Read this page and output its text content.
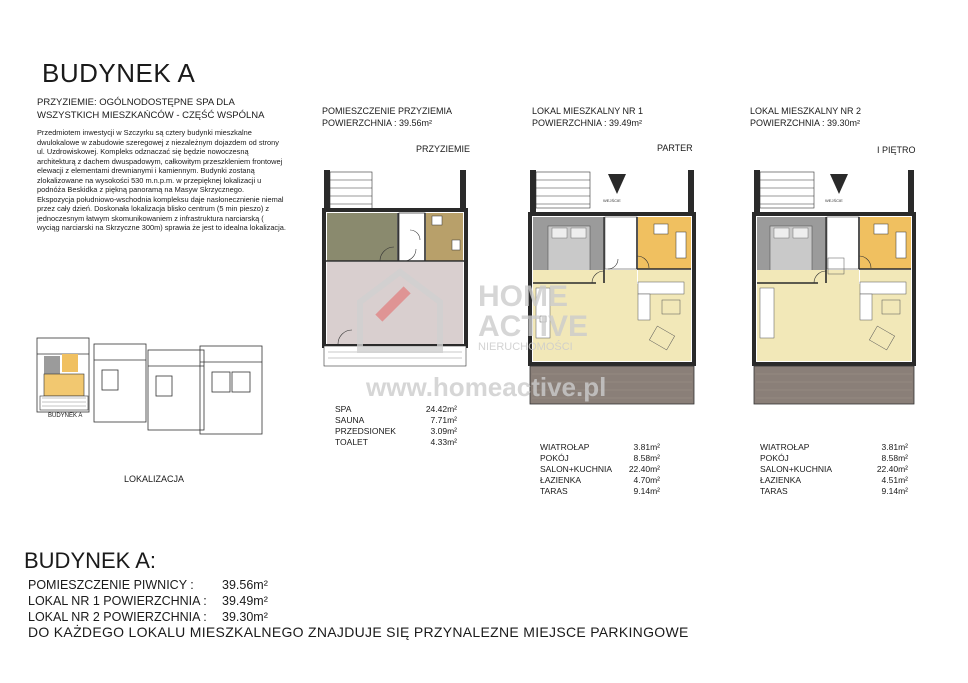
BUDYNEK A
PRZYZIEMIE: OGÓLNODOSTĘPNE SPA DLA
WSZYSTKICH MIESZKAŃCÓW - CZĘŚĆ WSPÓLNA

Przedmiotem inwestycji w Szczyrku są cztery budynki mieszkalne dwulokalowe w zabudowie szeregowej z niezależnym dojazdem od strony ul. Uzdrowiskowej. Kompleks odznaczać się będzie nowoczesną architekturą z dachem dwuspadowym, całkowitym przeszkleniem frontowej elewacji z elementami drewnianymi i kamiennym. Budynki zostaną zlokalizowane na wysokości 530 m.n.p.m. w przepięknej lokalizacji u podnóża Beskidka z piękną panoramą na Masyw Skrzycznego.

Ekspozycja południowo-wschodnia kompleksu daje nasłonecznienie niemal przez cały dzień. Doskonała lokalizacja blisko centrum (5 min pieszo) z jednoczesnym łatwym skomunikowaniem z infrastruktura narciarską ( wyciąg narciarski na Skrzyczne 300m) sprawia że jest to idealna lokalizacja.

BUDYNEK A
LOKALIZACJA
POMIESZCZENIE PRZYZIEMIA
POWIERZCHNIA : 39.56m²
PRZYZIEMIE
SPA	24.42m²
SAUNA	7.71m²
PRZEDSIONEK	3.09m²
TOALET	4.33m²
LOKAL MIESZKALNY NR 1
POWIERZCHNIA : 39.49m²
PARTER
WEJŚCIE
WIATROŁAP	3.81m²
POKÓJ	8.58m²
SALON+KUCHNIA 22.40m²
ŁAZIENKA	4.70m²
TARAS	9.14m²
LOKAL MIESZKALNY NR 2
POWIERZCHNIA : 39.30m²
I PIĘTRO
WEJŚCIE
WIATROŁAP	3.81m²
POKÓJ	8.58m²
SALON+KUCHNIA	22.40m²
ŁAZIENKA	4.51m²
TARAS	9.14m²
HOME
ACTIVE
NIERUCHOMOŚCI
www.homeactive.pl
BUDYNEK A:
POMIESZCZENIE PIWNICY : 39.56m²
LOKAL NR 1 POWIERZCHNIA : 39.49m²
LOKAL NR 2 POWIERZCHNIA : 39.30m²
DO KAŻDEGO LOKALU MIESZKALNEGO ZNAJDUJE SIĘ PRZYNALEZNE MIEJSCE PARKINGOWE
